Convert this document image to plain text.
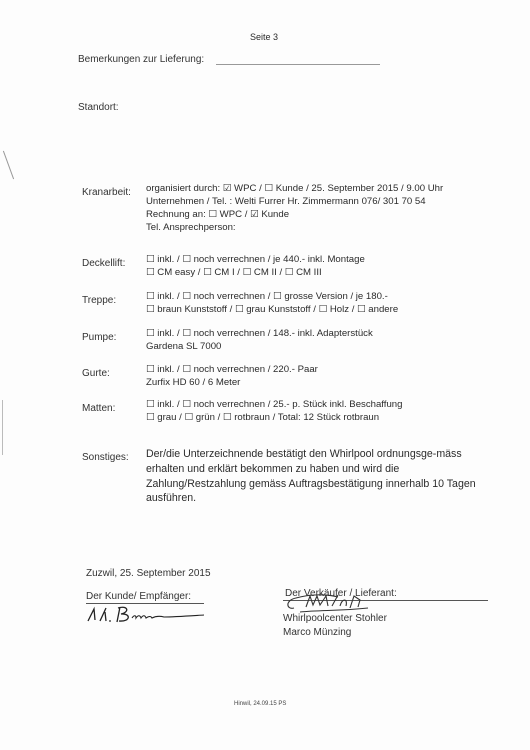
Seite 3
Bemerkungen zur Lieferung:
Standort:
Kranarbeit: organisiert durch: ☑ WPC / ☐ Kunde / 25. September 2015 / 9.00 Uhr
Unternehmen / Tel. : Welti Furrer Hr. Zimmermann 076/ 301 70 54
Rechnung an: ☐ WPC / ☑ Kunde
Tel. Ansprechperson:
Deckellift: ☐ inkl. / ☐ noch verrechnen / je 440.- inkl. Montage
☐ CM easy / ☐ CM I / ☐ CM II / ☐ CM III
Treppe:	☐ inkl. / ☐ noch verrechnen / ☐ grosse Version / je 180.-
☐ braun Kunststoff / ☐ grau Kunststoff / ☐ Holz / ☐ andere
Pumpe:	☐ inkl. / ☐ noch verrechnen / 148.- inkl. Adapterstück
Gardena SL 7000
Gurte:	☐ inkl. / ☐ noch verrechnen / 220.- Paar
Zurfix HD 60 / 6 Meter
Matten:	☐ inkl. / ☐ noch verrechnen / 25.- p. Stück inkl. Beschaffung
☐ grau / ☐ grün / ☐ rotbraun / Total: 12 Stück rotbraun
Sonstiges: Der/die Unterzeichnende bestätigt den Whirlpool ordnungsge-mäss erhalten und erklärt bekommen zu haben und wird die Zahlung/Restzahlung gemäss Auftragsbestätigung innerhalb 10 Tagen ausführen.
Zuzwil, 25. September 2015
Der Kunde/ Empfänger:	Der Verkäufer / Lieferant:
Whirlpoolcenter Stohler
Marco Münzing
Hinwil, 24.09.15 PS
